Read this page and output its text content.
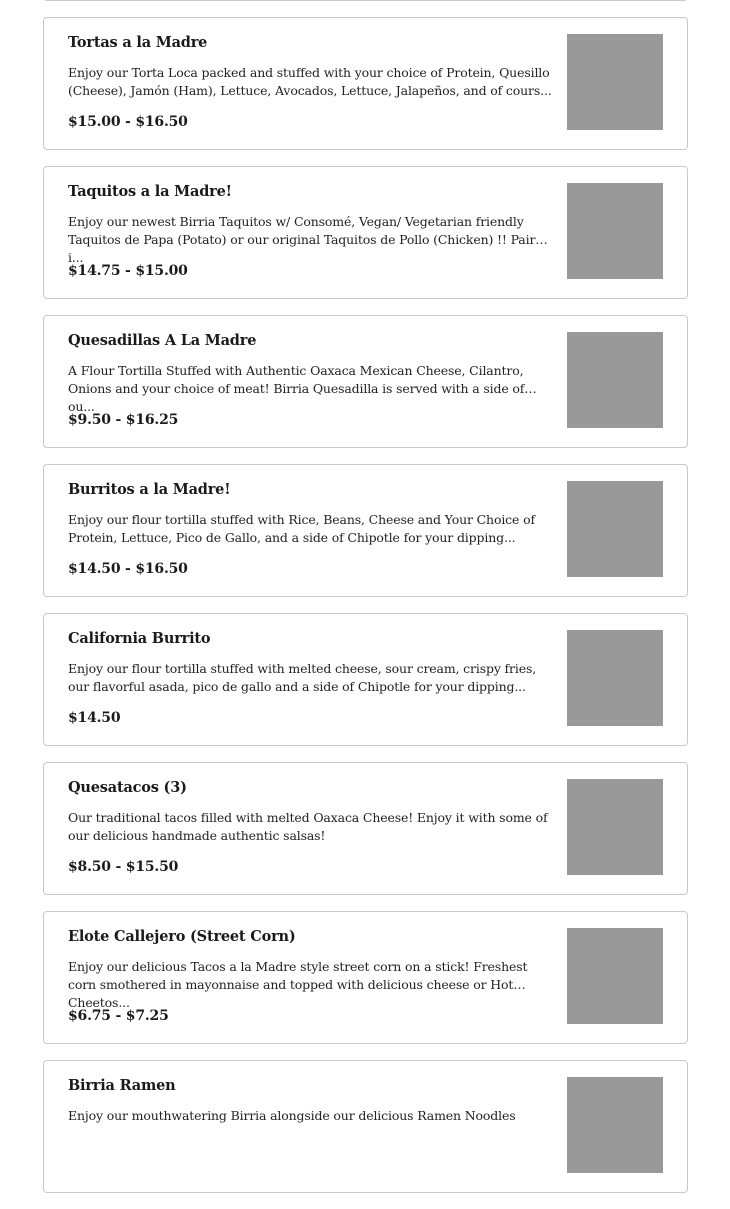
Tortas a la Madre
Enjoy our Torta Loca packed and stuffed with your choice of Protein, Quesillo (Cheese), Jamón (Ham), Lettuce, Avocados, Lettuce, Jalapeños, and of cours...
$15.00 - $16.50
Taquitos a la Madre!
Enjoy our newest Birria Taquitos w/ Consomé, Vegan/ Vegetarian friendly Taquitos de Papa (Potato) or our original Taquitos de Pollo (Chicken) !! Pair i...
$14.75 - $15.00
Quesadillas A La Madre
A Flour Tortilla Stuffed with Authentic Oaxaca Mexican Cheese, Cilantro, Onions and your choice of meat! Birria Quesadilla is served with a side of ou...
$9.50 - $16.25
Burritos a la Madre!
Enjoy our flour tortilla stuffed with Rice, Beans, Cheese and Your Choice of Protein, Lettuce, Pico de Gallo, and a side of Chipotle for your dipping...
$14.50 - $16.50
California Burrito
Enjoy our flour tortilla stuffed with melted cheese, sour cream, crispy fries, our flavorful asada, pico de gallo and a side of Chipotle for your dipping...
$14.50
Quesatacos (3)
Our traditional tacos filled with melted Oaxaca Cheese! Enjoy it with some of our delicious handmade authentic salsas!
$8.50 - $15.50
Elote Callejero (Street Corn)
Enjoy our delicious Tacos a la Madre style street corn on a stick! Freshest corn smothered in mayonnaise and topped with delicious cheese or Hot Cheetos...
$6.75 - $7.25
Birria Ramen
Enjoy our mouthwatering Birria alongside our delicious Ramen Noodles
